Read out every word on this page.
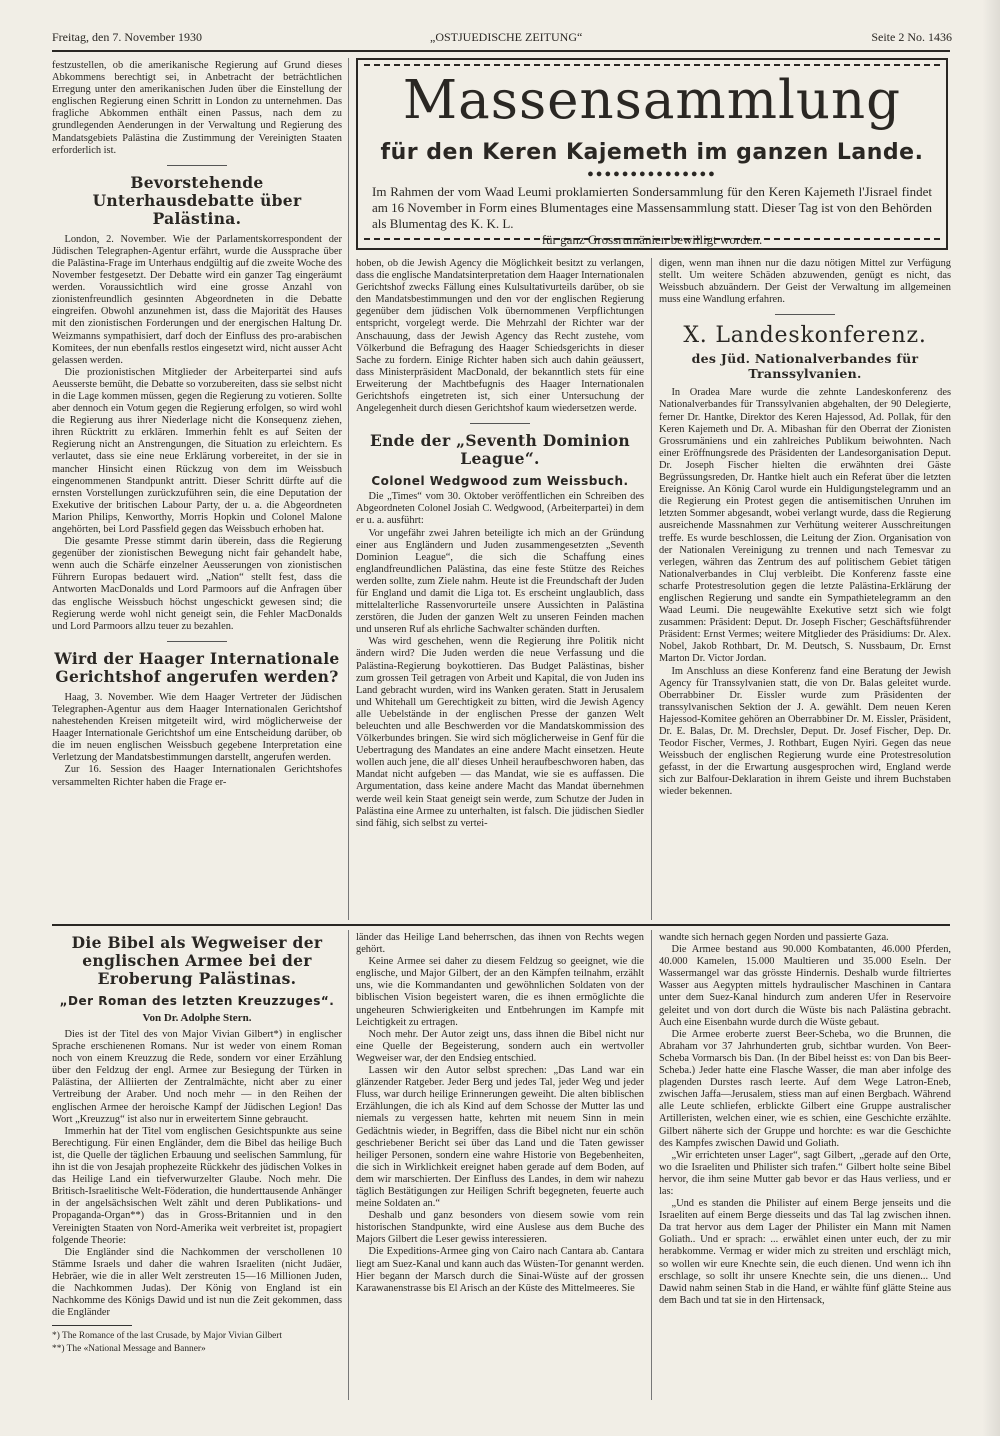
Freitag, den 7. November 1930	„OSTJUEDISCHE ZEITUNG“	Seite 2 No. 1436
Massensammlung
für den Keren Kajemeth im ganzen Lande.
●●●●●●●●●●●●●●●
Im Rahmen der vom Waad Leumi proklamierten Sondersammlung für den Keren Kajemeth l'Jisrael findet am 16 November in Form eines Blumentages eine Massensammlung statt. Dieser Tag ist von den Behörden als Blumentag des K. K. L.
für ganz Grossrumänien bewilligt worden.

festzustellen, ob die amerikanische Regierung auf Grund dieses Abkommens berechtigt sei, in Anbetracht der beträchtlichen Erregung unter den amerikanischen Juden über die Einstellung der englischen Regierung einen Schritt in London zu unternehmen. Das fragliche Abkommen enthält einen Passus, nach dem zu grundlegenden Aenderungen in der Verwaltung und Regierung des Mandatsgebiets Palästina die Zustimmung der Vereinigten Staaten erforderlich ist.

Bevorstehende Unterhausdebatte über Palästina.

London, 2. November. Wie der Parlamentskorrespondent der Jüdischen Telegraphen-Agentur erfährt, wurde die Aussprache über die Palästina-Frage im Unterhaus endgültig auf die zweite Woche des November festgesetzt. Der Debatte wird ein ganzer Tag eingeräumt werden. Voraussichtlich wird eine grosse Anzahl von zionistenfreundlich gesinnten Abgeordneten in die Debatte eingreifen. Obwohl anzunehmen ist, dass die Majorität des Hauses mit den zionistischen Forderungen und der energischen Haltung Dr. Weizmanns sympathisiert, darf doch der Einfluss des pro-arabischen Komitees, der nun ebenfalls restlos eingesetzt wird, nicht ausser Acht gelassen werden.

Die prozionistischen Mitglieder der Arbeiterpartei sind aufs Aeusserste bemüht, die Debatte so vorzubereiten, dass sie selbst nicht in die Lage kommen müssen, gegen die Regierung zu votieren. Sollte aber dennoch ein Votum gegen die Regierung erfolgen, so wird wohl die Regierung aus ihrer Niederlage nicht die Konsequenz ziehen, ihren Rücktritt zu erklären. Immerhin fehlt es auf Seiten der Regierung nicht an Anstrengungen, die Situation zu erleichtern. Es verlautet, dass sie eine neue Erklärung vorbereitet, in der sie in mancher Hinsicht einen Rückzug von dem im Weissbuch eingenommenen Standpunkt antritt. Dieser Schritt dürfte auf die ernsten Vorstellungen zurückzuführen sein, die eine Deputation der Exekutive der britischen Labour Party, der u. a. die Abgeordneten Marion Philips, Kenworthy, Morris Hopkin und Colonel Malone angehörten, bei Lord Passfield gegen das Weissbuch erhoben hat.

Die gesamte Presse stimmt darin überein, dass die Regierung gegenüber der zionistischen Bewegung nicht fair gehandelt habe, wenn auch die Schärfe einzelner Aeusserungen von zionistischen Führern Europas bedauert wird. „Nation“ stellt fest, dass die Antworten MacDonalds und Lord Parmoors auf die Anfragen über das englische Weissbuch höchst ungeschickt gewesen sind; die Regierung werde wohl nicht geneigt sein, die Fehler MacDonalds und Lord Parmoors allzu teuer zu bezahlen.

Wird der Haager Internationale Gerichtshof angerufen werden?

Haag, 3. November. Wie dem Haager Vertreter der Jüdischen Telegraphen-Agentur aus dem Haager Internationalen Gerichtshof nahestehenden Kreisen mitgeteilt wird, wird möglicherweise der Haager Internationale Gerichtshof um eine Entscheidung darüber, ob die im neuen englischen Weissbuch gegebene Interpretation eine Verletzung der Mandatsbestimmungen darstellt, angerufen werden.

Zur 16. Session des Haager Internationalen Gerichtshofes versammelten Richter haben die Frage er-

hoben, ob die Jewish Agency die Möglichkeit besitzt zu verlangen, dass die englische Mandatsinterpretation dem Haager Internationalen Gerichtshof zwecks Fällung eines Kulsultativurteils darüber, ob sie den Mandatsbestimmungen und den vor der englischen Regierung gegenüber dem jüdischen Volk übernommenen Verpflichtungen entspricht, vorgelegt werde. Die Mehrzahl der Richter war der Anschauung, dass der Jewish Agency das Recht zustehe, vom Völkerbund die Befragung des Haager Schiedsgerichts in dieser Sache zu fordern. Einige Richter haben sich auch dahin geäussert, dass Ministerpräsident MacDonald, der bekanntlich stets für eine Erweiterung der Machtbefugnis des Haager Internationalen Gerichtshofs eingetreten ist, sich einer Untersuchung der Angelegenheit durch diesen Gerichtshof kaum wiedersetzen werde.

Ende der „Seventh Dominion League“.
Colonel Wedgwood zum Weissbuch.

Die „Times“ vom 30. Oktober veröffentlichen ein Schreiben des Abgeordneten Colonel Josiah C. Wedgwood, (Arbeiterpartei) in dem er u. a. ausführt:

Vor ungefähr zwei Jahren beteiligte ich mich an der Gründung einer aus Engländern und Juden zusammengesetzten „Seventh Dominion League“, die sich die Schaffung eines englandfreundlichen Palästina, das eine feste Stütze des Reiches werden sollte, zum Ziele nahm. Heute ist die Freundschaft der Juden für England und damit die Liga tot. Es erscheint unglaublich, dass mittelalterliche Rassenvorurteile unsere Aussichten in Palästina zerstören, die Juden der ganzen Welt zu unseren Feinden machen und unseren Ruf als ehrliche Sachwalter schänden durften.

Was wird geschehen, wenn die Regierung ihre Politik nicht ändern wird? Die Juden werden die neue Verfassung und die Palästina-Regierung boykottieren. Das Budget Palästinas, bisher zum grossen Teil getragen von Arbeit und Kapital, die von Juden ins Land gebracht wurden, wird ins Wanken geraten. Statt in Jerusalem und Whitehall um Gerechtigkeit zu bitten, wird die Jewish Agency alle Uebelstände in der englischen Presse der ganzen Welt beleuchten und alle Beschwerden vor die Mandatskommission des Völkerbundes bringen. Sie wird sich möglicherweise in Genf für die Uebertragung des Mandates an eine andere Macht einsetzen. Heute wollen auch jene, die all' dieses Unheil heraufbeschworen haben, das Mandat nicht aufgeben — das Mandat, wie sie es auffassen. Die Argumentation, dass keine andere Macht das Mandat übernehmen werde weil kein Staat geneigt sein werde, zum Schutze der Juden in Palästina eine Armee zu unterhalten, ist falsch. Die jüdischen Siedler sind fähig, sich selbst zu vertei-

digen, wenn man ihnen nur die dazu nötigen Mittel zur Verfügung stellt. Um weitere Schäden abzuwenden, genügt es nicht, das Weissbuch abzuändern. Der Geist der Verwaltung im allgemeinen muss eine Wandlung erfahren.

X. Landeskonferenz.
des Jüd. Nationalverbandes für Transsylvanien.

In Oradea Mare wurde die zehnte Landeskonferenz des Nationalverbandes für Transsylvanien abgehalten, der 90 Delegierte, ferner Dr. Hantke, Direktor des Keren Hajessod, Ad. Pollak, für den Keren Kajemeth und Dr. A. Mibashan für den Oberrat der Zionisten Grossrumäniens und ein zahlreiches Publikum beiwohnten. Nach einer Eröffnungsrede des Präsidenten der Landesorganisation Deput. Dr. Joseph Fischer hielten die erwähnten drei Gäste Begrüssungsreden, Dr. Hantke hielt auch ein Referat über die letzten Ereignisse. An König Carol wurde ein Huldigungstelegramm und an die Regierung ein Protest gegen die antisemitischen Unruhen im letzten Sommer abgesandt, wobei verlangt wurde, dass die Regierung ausreichende Massnahmen zur Verhütung weiterer Ausschreitungen treffe. Es wurde beschlossen, die Leitung der Zion. Organisation von der Nationalen Vereinigung zu trennen und nach Temesvar zu verlegen, währen das Zentrum des auf politischem Gebiet tätigen Nationalverbandes in Cluj verbleibt. Die Konferenz fasste eine scharfe Protestresolution gegen die letzte Palästina-Erklärung der englischen Regierung und sandte ein Sympathietelegramm an den Waad Leumi. Die neugewählte Exekutive setzt sich wie folgt zusammen: Präsident: Deput. Dr. Joseph Fischer; Geschäftsführender Präsident: Ernst Vermes; weitere Mitglieder des Präsidiums: Dr. Alex. Nobel, Jakob Rothbart, Dr. M. Deutsch, S. Nussbaum, Dr. Ernst Marton Dr. Victor Jordan.

Im Anschluss an diese Konferenz fand eine Beratung der Jewish Agency für Transsylvanien statt, die von Dr. Balas geleitet wurde. Oberrabbiner Dr. Eissler wurde zum Präsidenten der transsylvanischen Sektion der J. A. gewählt. Dem neuen Keren Hajessod-Komitee gehören an Oberrabbiner Dr. M. Eissler, Präsident, Dr. E. Balas, Dr. M. Drechsler, Deput. Dr. Josef Fischer, Dep. Dr. Teodor Fischer, Vermes, J. Rothbart, Eugen Nyiri. Gegen das neue Weissbuch der englischen Regierung wurde eine Protestresolution gefasst, in der die Erwartung ausgesprochen wird, England werde sich zur Balfour-Deklaration in ihrem Geiste und ihrem Buchstaben wieder bekennen.

Die Bibel als Wegweiser der englischen Armee bei der Eroberung Palästinas.
„Der Roman des letzten Kreuzzuges“.
Von Dr. Adolphe Stern.

Dies ist der Titel des von Major Vivian Gilbert*) in englischer Sprache erschienenen Romans. Nur ist weder von einem Roman noch von einem Kreuzzug die Rede, sondern vor einer Erzählung über den Feldzug der engl. Armee zur Besiegung der Türken in Palästina, der Alliierten der Zentralmächte, nicht aber zu einer Vertreibung der Araber. Und noch mehr — in den Reihen der englischen Armee der heroische Kampf der Jüdischen Legion! Das Wort „Kreuzzug“ ist also nur in erweitertem Sinne gebraucht.

Immerhin hat der Titel vom englischen Gesichtspunkte aus seine Berechtigung. Für einen Engländer, dem die Bibel das heilige Buch ist, die Quelle der täglichen Erbauung und seelischen Sammlung, für ihn ist die von Jesajah prophezeite Rückkehr des jüdischen Volkes in das Heilige Land ein tiefverwurzelter Glaube. Noch mehr. Die Britisch-Israelitische Welt-Föderation, die hunderttausende Anhänger in der angelsächsischen Welt zählt und deren Publikations- und Propaganda-Organ**) das in Gross-Britannien und in den Vereinigten Staaten von Nord-Amerika weit verbreitet ist, propagiert folgende Theorie:

Die Engländer sind die Nachkommen der verschollenen 10 Stämme Israels und daher die wahren Israeliten (nicht Judäer, Hebräer, wie die in aller Welt zerstreuten 15—16 Millionen Juden, die Nachkommen Judas). Der König von England ist ein Nachkomme des Königs Dawid und ist nun die Zeit gekommen, dass die Engländer

*) The Romance of the last Crusade, by Major Vivian Gilbert
**) The «National Message and Banner»

länder das Heilige Land beherrschen, das ihnen von Rechts wegen gehört.

Keine Armee sei daher zu diesem Feldzug so geeignet, wie die englische, und Major Gilbert, der an den Kämpfen teilnahm, erzählt uns, wie die Kommandanten und gewöhnlichen Soldaten von der biblischen Vision begeistert waren, die es ihnen ermöglichte die ungeheuren Schwierigkeiten und Entbehrungen im Kampfe mit Leichtigkeit zu ertragen.

Noch mehr. Der Autor zeigt uns, dass ihnen die Bibel nicht nur eine Quelle der Begeisterung, sondern auch ein wertvoller Wegweiser war, der den Endsieg entschied.

Lassen wir den Autor selbst sprechen: „Das Land war ein glänzender Ratgeber. Jeder Berg und jedes Tal, jeder Weg und jeder Fluss, war durch heilige Erinnerungen geweiht. Die alten biblischen Erzählungen, die ich als Kind auf dem Schosse der Mutter las und niemals zu vergessen hatte, kehrten mit neuem Sinn in mein Gedächtnis wieder, in Begriffen, dass die Bibel nicht nur ein schön geschriebener Bericht sei über das Land und die Taten gewisser heiliger Personen, sondern eine wahre Historie von Begebenheiten, die sich in Wirklichkeit ereignet haben gerade auf dem Boden, auf dem wir marschierten. Der Einfluss des Landes, in dem wir nahezu täglich Bestätigungen zur Heiligen Schrift begegneten, feuerte auch meine Soldaten an.“

Deshalb und ganz besonders von diesem sowie vom rein historischen Standpunkte, wird eine Auslese aus dem Buche des Majors Gilbert die Leser gewiss interessieren.

Die Expeditions-Armee ging von Cairo nach Cantara ab. Cantara liegt am Suez-Kanal und kann auch das Wüsten-Tor genannt werden. Hier begann der Marsch durch die Sinai-Wüste auf der grossen Karawanenstrasse bis El Arisch an der Küste des Mittelmeeres. Sie

wandte sich hernach gegen Norden und passierte Gaza.

Die Armee bestand aus 90.000 Kombatanten, 46.000 Pferden, 40.000 Kamelen, 15.000 Maultieren und 35.000 Eseln. Der Wassermangel war das grösste Hindernis. Deshalb wurde filtriertes Wasser aus Aegypten mittels hydraulischer Maschinen in Cantara unter dem Suez-Kanal hindurch zum anderen Ufer in Reservoire geleitet und von dort durch die Wüste bis nach Palästina gebracht. Auch eine Eisenbahn wurde durch die Wüste gebaut.

Die Armee eroberte zuerst Beer-Scheba, wo die Brunnen, die Abraham vor 37 Jahrhunderten grub, sichtbar wurden. Von Beer-Scheba Vormarsch bis Dan. (In der Bibel heisst es: von Dan bis Beer-Scheba.) Jeder hatte eine Flasche Wasser, die man aber infolge des plagenden Durstes rasch leerte. Auf dem Wege Latron-Eneb, zwischen Jaffa—Jerusalem, stiess man auf einen Bergbach. Während alle Leute schliefen, erblickte Gilbert eine Gruppe australischer Artilleristen, welchen einer, wie es schien, eine Geschichte erzählte. Gilbert näherte sich der Gruppe und horchte: es war die Geschichte des Kampfes zwischen Dawid und Goliath.

„Wir errichteten unser Lager“, sagt Gilbert, „gerade auf den Orte, wo die Israeliten und Philister sich trafen.“ Gilbert holte seine Bibel hervor, die ihm seine Mutter gab bevor er das Haus verliess, und er las:

„Und es standen die Philister auf einem Berge jenseits und die Israeliten auf einem Berge diesseits und das Tal lag zwischen ihnen. Da trat hervor aus dem Lager der Philister ein Mann mit Namen Goliath.. Und er sprach: ... erwählet einen unter euch, der zu mir herabkomme. Vermag er wider mich zu streiten und erschlägt mich, so wollen wir eure Knechte sein, die euch dienen. Und wenn ich ihn erschlage, so sollt ihr unsere Knechte sein, die uns dienen... Und Dawid nahm seinen Stab in die Hand, er wählte fünf glätte Steine aus dem Bach und tat sie in den Hirtensack,
